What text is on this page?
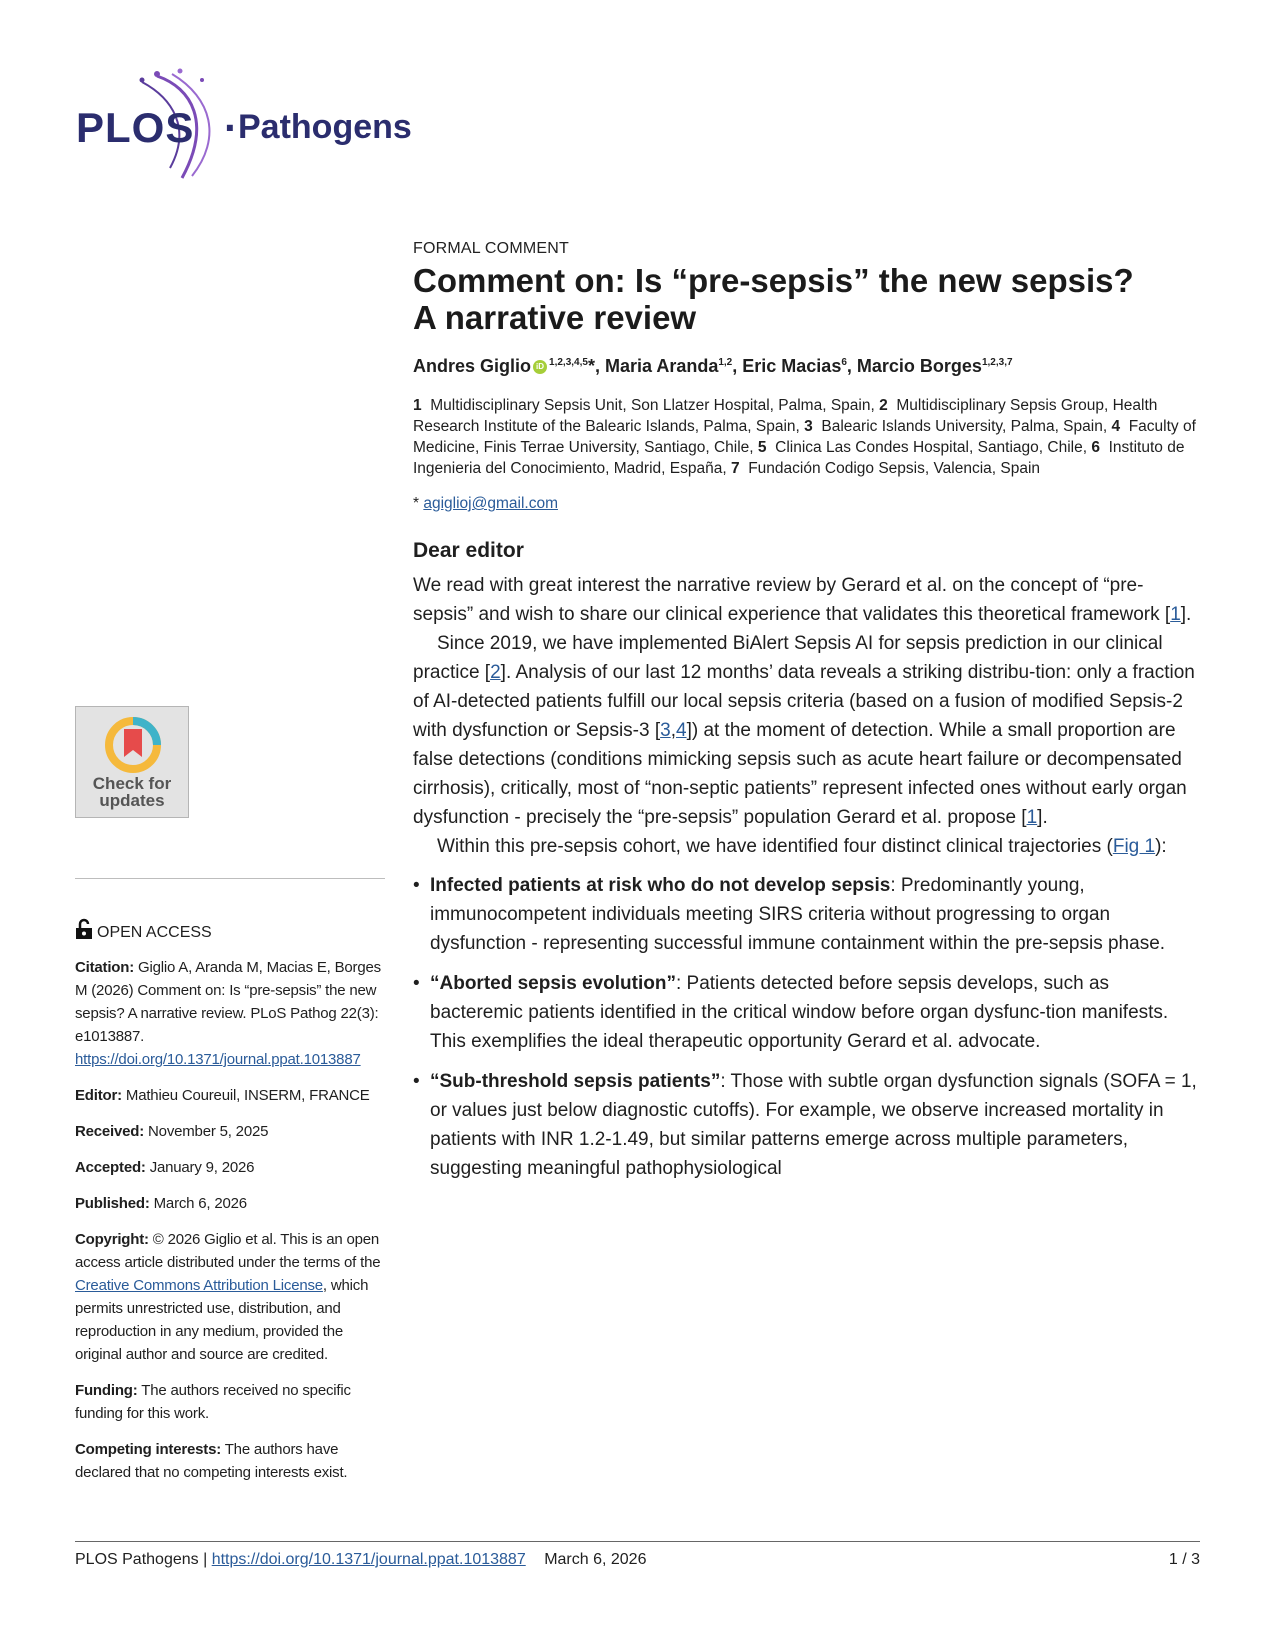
PLOS · Pathogens

FORMAL COMMENT

Comment on: Is “pre-sepsis” the new sepsis?
A narrative review

Andres Giglio iD $^{1,2,3,4,5}$*, Maria Aranda$^{1,2}$, Eric Macias$^6$, Marcio Borges$^{1,2,3,7}$

1 Multidisciplinary Sepsis Unit, Son Llatzer Hospital, Palma, Spain, 2 Multidisciplinary Sepsis Group, Health Research Institute of the Balearic Islands, Palma, Spain, 3 Balearic Islands University, Palma, Spain, 4 Faculty of Medicine, Finis Terrae University, Santiago, Chile, 5 Clinica Las Condes Hospital, Santiago, Chile, 6 Instituto de Ingenieria del Conocimiento, Madrid, España, 7 Fundación Codigo Sepsis, Valencia, Spain

* agiglioj@gmail.com

Dear editor

We read with great interest the narrative review by Gerard et al. on the concept of “pre-sepsis” and wish to share our clinical experience that validates this theoretical framework [1].

Since 2019, we have implemented BiAlert Sepsis AI for sepsis prediction in our clinical practice [2]. Analysis of our last 12 months’ data reveals a striking distribu-tion: only a fraction of AI-detected patients fulfill our local sepsis criteria (based on a fusion of modified Sepsis-2 with dysfunction or Sepsis-3 [3,4]) at the moment of detection. While a small proportion are false detections (conditions mimicking sepsis such as acute heart failure or decompensated cirrhosis), critically, most of “non-septic patients” represent infected ones without early organ dysfunction - precisely the “pre-sepsis” population Gerard et al. propose [1].

Within this pre-sepsis cohort, we have identified four distinct clinical trajectories (Fig 1):

• Infected patients at risk who do not develop sepsis: Predominantly young, immunocompetent individuals meeting SIRS criteria without progressing to organ dysfunction - representing successful immune containment within the pre-sepsis phase.
• “Aborted sepsis evolution”: Patients detected before sepsis develops, such as bacteremic patients identified in the critical window before organ dysfunc-tion manifests. This exemplifies the ideal therapeutic opportunity Gerard et al. advocate.
• “Sub-threshold sepsis patients”: Those with subtle organ dysfunction signals (SOFA = 1, or values just below diagnostic cutoffs). For example, we observe increased mortality in patients with INR 1.2-1.49, but similar patterns emerge across multiple parameters, suggesting meaningful pathophysiological
Check for
updates
OPEN ACCESS

Citation: Giglio A, Aranda M, Macias E, Borges M (2026) Comment on: Is “pre-sepsis” the new sepsis? A narrative review. PLoS Pathog 22(3): e1013887. https://doi.org/10.1371/journal.ppat.1013887

Editor: Mathieu Coureuil, INSERM, FRANCE

Received: November 5, 2025

Accepted: January 9, 2026

Published: March 6, 2026

Copyright: © 2026 Giglio et al. This is an open access article distributed under the terms of the Creative Commons Attribution License, which permits unrestricted use, distribution, and reproduction in any medium, provided the original author and source are credited.

Funding: The authors received no specific funding for this work.

Competing interests: The authors have declared that no competing interests exist.

PLOS Pathogens | https://doi.org/10.1371/journal.ppat.1013887 March 6, 2026	1 / 3
